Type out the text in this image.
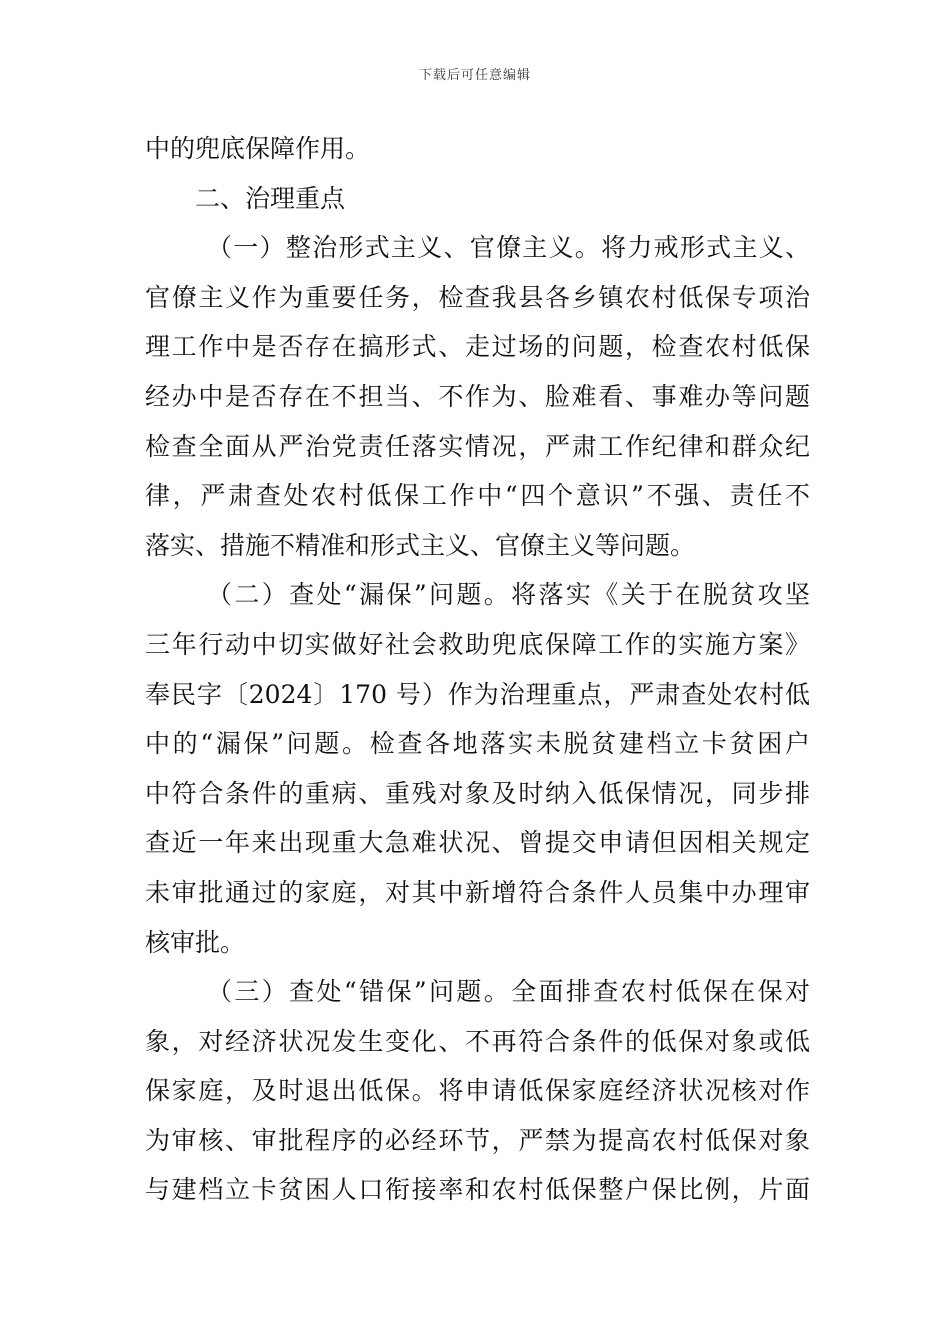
下载后可任意编辑
中的兜底保障作用。
二、治理重点
（一）整治形式主义、官僚主义。将力戒形式主义、
官僚主义作为重要任务，检查我县各乡镇农村低保专项治
理工作中是否存在搞形式、走过场的问题，检查农村低保
经办中是否存在不担当、不作为、脸难看、事难办等问题
检查全面从严治党责任落实情况，严肃工作纪律和群众纪
律，严肃查处农村低保工作中“四个意识”不强、责任不
落实、措施不精准和形式主义、官僚主义等问题。
（二）查处“漏保”问题。将落实《关于在脱贫攻坚
三年行动中切实做好社会救助兜底保障工作的实施方案》
奉民字〔2024〕170 号）作为治理重点，严肃查处农村低
中的“漏保”问题。检查各地落实未脱贫建档立卡贫困户
中符合条件的重病、重残对象及时纳入低保情况，同步排
查近一年来出现重大急难状况、曾提交申请但因相关规定
未审批通过的家庭，对其中新增符合条件人员集中办理审
核审批。
（三）查处“错保”问题。全面排查农村低保在保对
象，对经济状况发生变化、不再符合条件的低保对象或低
保家庭，及时退出低保。将申请低保家庭经济状况核对作
为审核、审批程序的必经环节，严禁为提高农村低保对象
与建档立卡贫困人口衔接率和农村低保整户保比例，片面
